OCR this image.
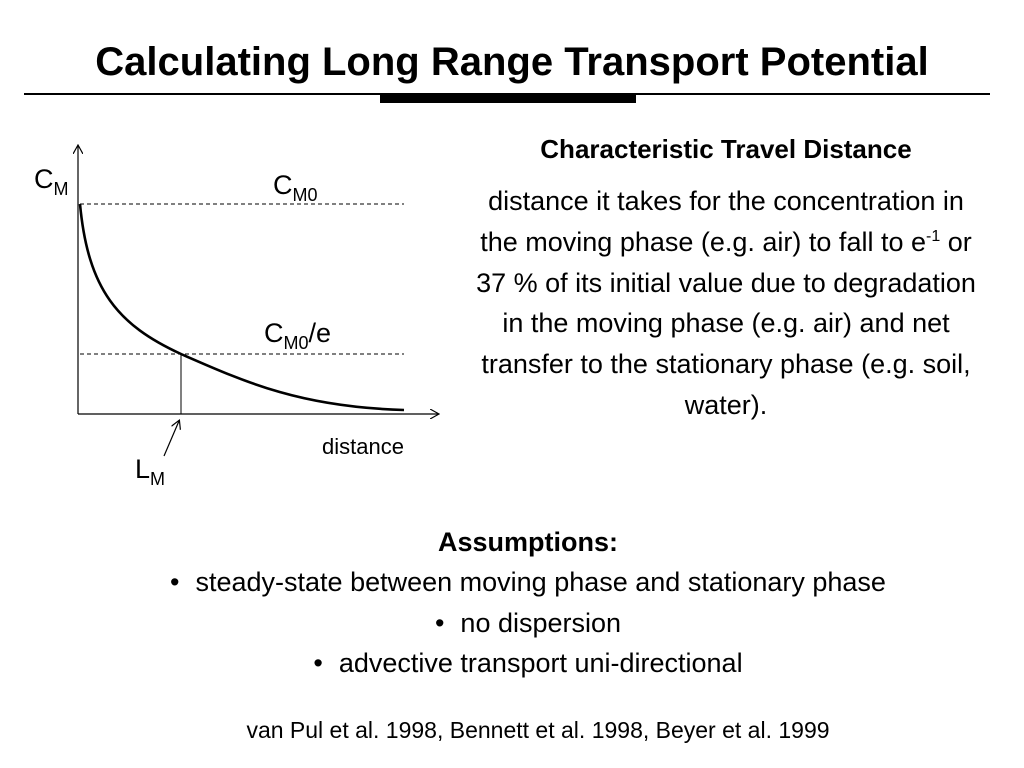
Calculating Long Range Transport Potential
$C_M$	$C_{M0}$
$C_{M0}/e$
distance
$L_M$
Characteristic Travel Distance
distance it takes for the concentration in the moving phase (e.g. air) to fall to $e^{-1}$ or 37 % of its initial value due to degradation in the moving phase (e.g. air) and net transfer to the stationary phase (e.g. soil, water).
Assumptions:
• steady-state between moving phase and stationary phase
• no dispersion
• advective transport uni-directional
van Pul et al. 1998, Bennett et al. 1998, Beyer et al. 1999
